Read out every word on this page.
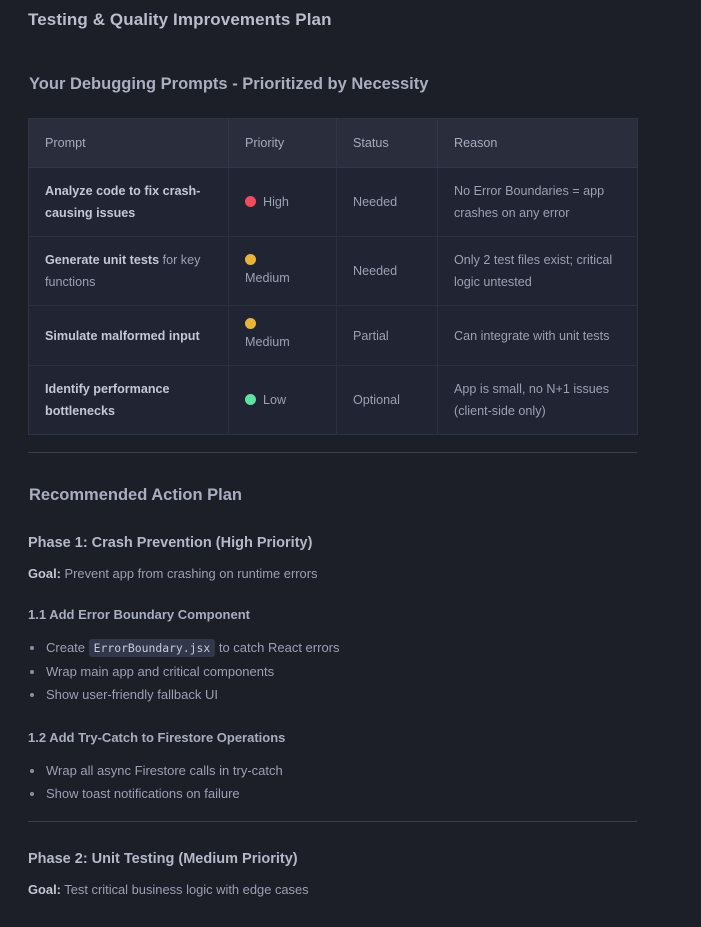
Testing & Quality Improvements Plan
Your Debugging Prompts - Prioritized by Necessity
Prompt	Priority	Status	Reason
Analyze code to fix crash-causing issues	High	Needed	No Error Boundaries = app crashes on any error
Generate unit tests for key functions	Medium	Needed	Only 2 test files exist; critical logic untested
Simulate malformed input	Medium	Partial	Can integrate with unit tests
Identify performance bottlenecks	Low	Optional	App is small, no N+1 issues (client-side only)
Recommended Action Plan
Phase 1: Crash Prevention (High Priority)

Goal: Prevent app from crashing on runtime errors

1.1 Add Error Boundary Component
Create ErrorBoundary.jsx to catch React errors
Wrap main app and critical components
Show user-friendly fallback UI
1.2 Add Try-Catch to Firestore Operations
Wrap all async Firestore calls in try-catch
Show toast notifications on failure
Phase 2: Unit Testing (Medium Priority)

Goal: Test critical business logic with edge cases
